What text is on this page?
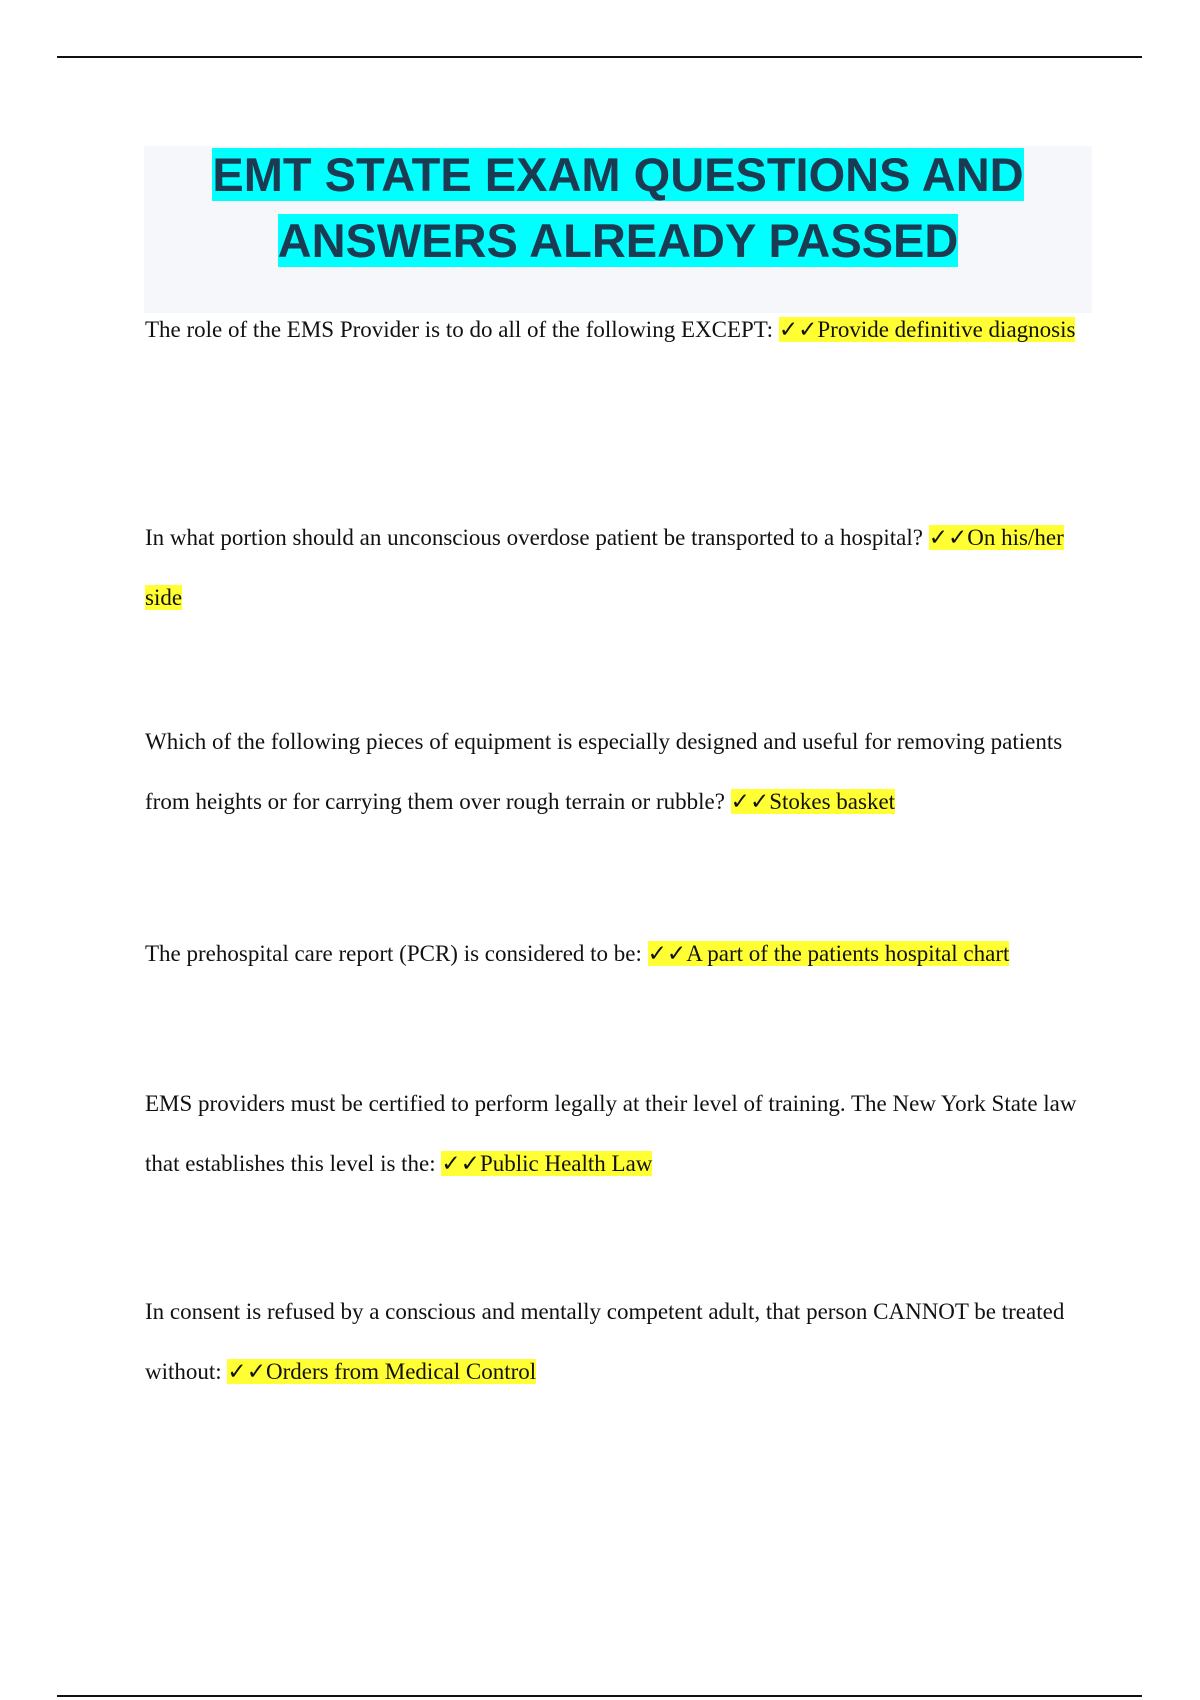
EMT STATE EXAM QUESTIONS AND ANSWERS ALREADY PASSED
The role of the EMS Provider is to do all of the following EXCEPT: ✓✓Provide definitive diagnosis
In what portion should an unconscious overdose patient be transported to a hospital? ✓✓On his/her side
Which of the following pieces of equipment is especially designed and useful for removing patients from heights or for carrying them over rough terrain or rubble? ✓✓Stokes basket
The prehospital care report (PCR) is considered to be: ✓✓A part of the patients hospital chart
EMS providers must be certified to perform legally at their level of training. The New York State law that establishes this level is the: ✓✓Public Health Law
In consent is refused by a conscious and mentally competent adult, that person CANNOT be treated without: ✓✓Orders from Medical Control
